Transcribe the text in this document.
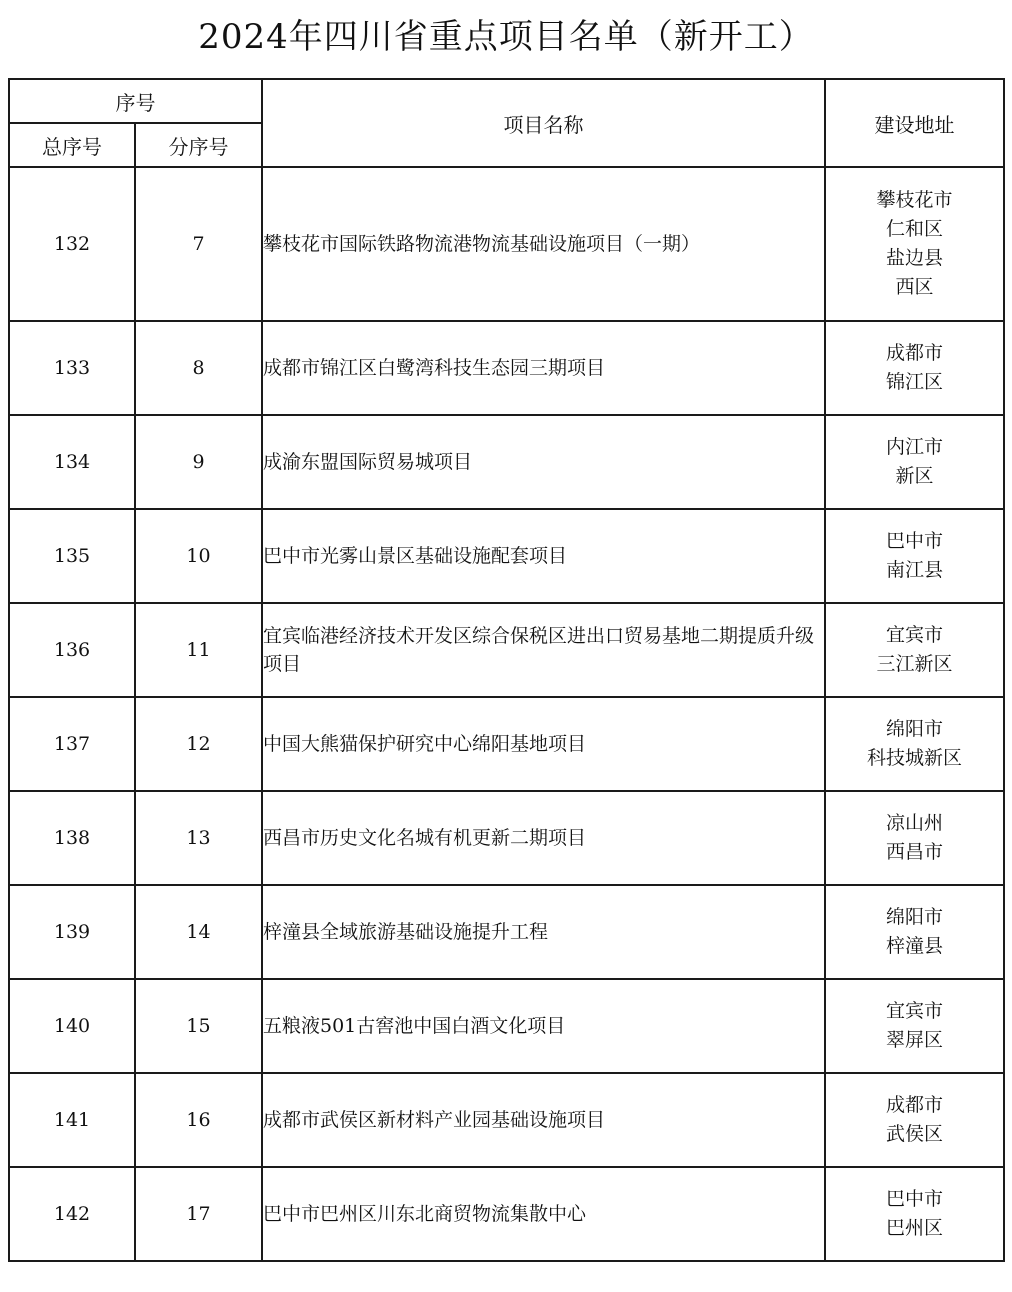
2024年四川省重点项目名单（新开工）
序号		项目名称	建设地址
总序号	分序号		
132	7	攀枝花市国际铁路物流港物流基础设施项目（一期）	攀枝花市
仁和区
盐边县
西区

133	8	成都市锦江区白鹭湾科技生态园三期项目	成都市
锦江区

134	9	成渝东盟国际贸易城项目	内江市
新区

135	10	巴中市光雾山景区基础设施配套项目	巴中市
南江县

136	11	宜宾临港经济技术开发区综合保税区进出口贸易基地二期提质升级项目	宜宾市
三江新区

137	12	中国大熊猫保护研究中心绵阳基地项目	绵阳市
科技城新区

138	13	西昌市历史文化名城有机更新二期项目	凉山州
西昌市

139	14	梓潼县全域旅游基础设施提升工程	绵阳市
梓潼县

140	15	五粮液501古窖池中国白酒文化项目	宜宾市
翠屏区

141	16	成都市武侯区新材料产业园基础设施项目	成都市
武侯区

142	17	巴中市巴州区川东北商贸物流集散中心	巴中市
巴州区
